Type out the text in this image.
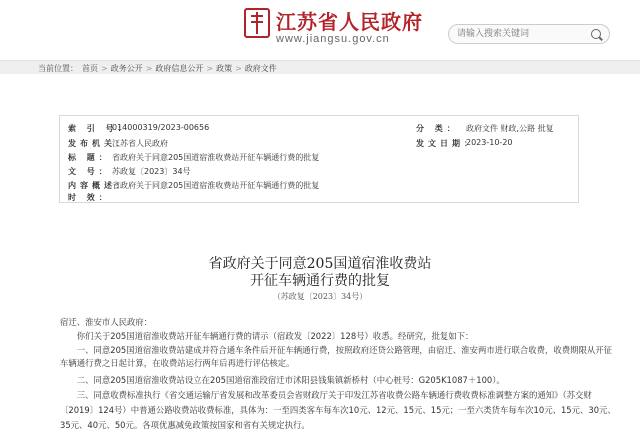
江苏省人民政府
www.jiangsu.gov.cn
请输入搜索关键词
当前位置： 首页 > 政务公开 > 政府信息公开 > 政策 > 政府文件
索 引 号：
014000319/2023-00656	分 类： 政府文件 财政,公路 批复
发布机关：
江苏省人民政府	发文日期：
2023-10-20
标 题： 省政府关于同意205国道宿淮收费站开征车辆通行费的批复
文 号： 苏政复〔2023〕34号
内容概述：
省政府关于同意205国道宿淮收费站开征车辆通行费的批复
时 效：
省政府关于同意205国道宿淮收费站
开征车辆通行费的批复
（苏政复〔2023〕34号）
宿迁、淮安市人民政府：
　　你们关于205国道宿淮收费站开征车辆通行费的请示（宿政发〔2022〕128号）收悉。经研究，批复如下：
　　一、同意205国道宿淮收费站建成并符合通车条件后开征车辆通行费，按照政府还贷公路管理，由宿迁、淮安两市进行联合收费，收费期限从开征
车辆通行费之日起计算，在收费站运行两年后再进行评估核定。
　　二、同意205国道宿淮收费站设立在205国道宿淮段宿迁市沭阳县钱集镇新桥村（中心桩号：G205K1087＋100）。
　　三、同意收费标准执行《省交通运输厅省发展和改革委员会省财政厅关于印发江苏省收费公路车辆通行费收费标准调整方案的通知》（苏交财
〔2019〕124号）中普通公路收费站收费标准，具体为：一至四类客车每车次10元、12元、15元、15元；一至六类货车每车次10元、15元、30元、
35元、40元、50元。各项优惠减免政策按国家和省有关规定执行。
